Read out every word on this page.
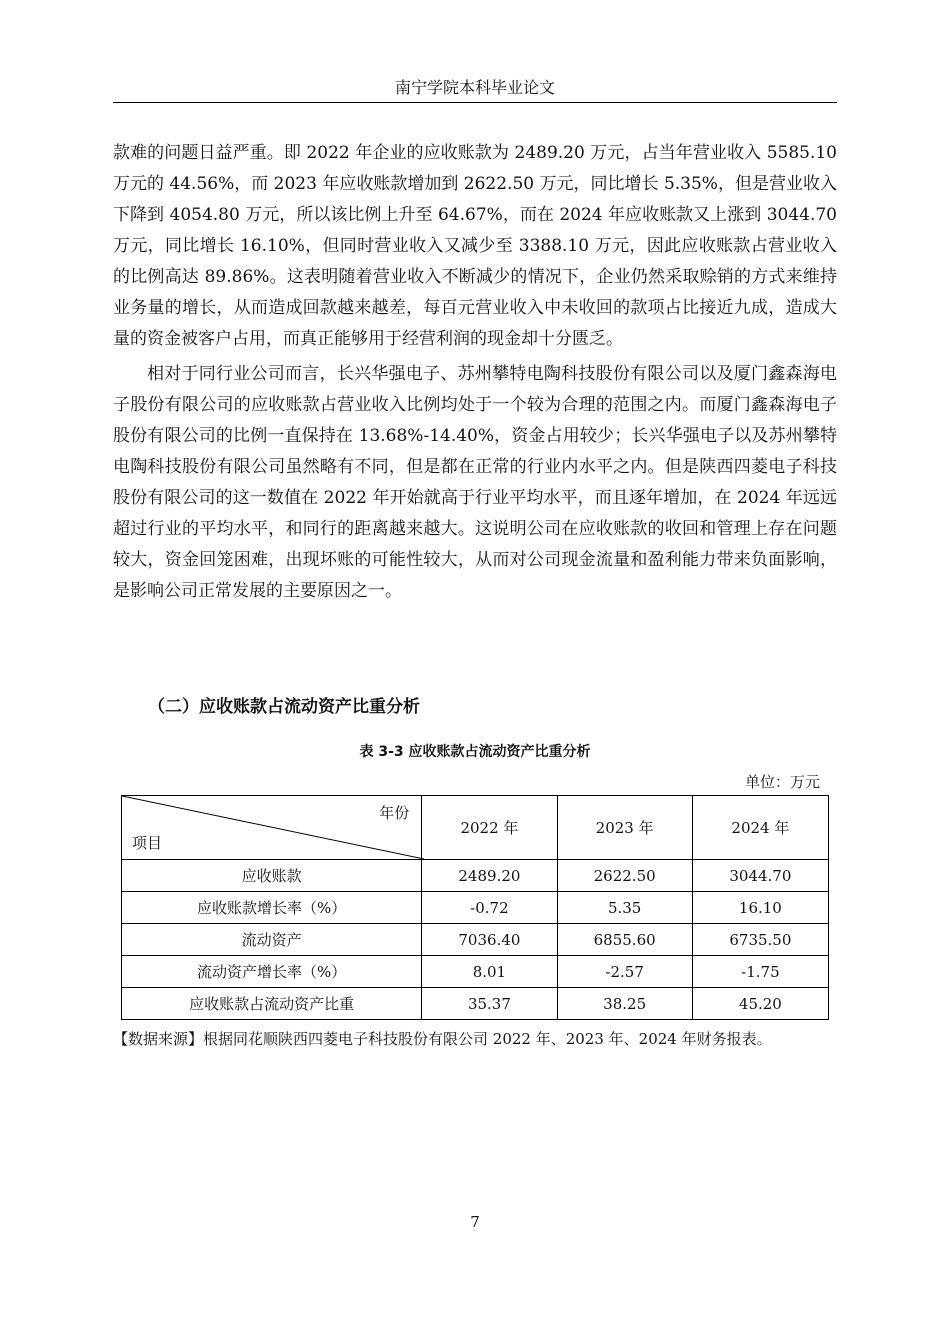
南宁学院本科毕业论文

款难的问题日益严重。即 2022 年企业的应收账款为 2489.20 万元，占当年营业收入 5585.10 万元的 44.56%，而 2023 年应收账款增加到 2622.50 万元，同比增长 5.35%，但是营业收入下降到 4054.80 万元，所以该比例上升至 64.67%，而在 2024 年应收账款又上涨到 3044.70 万元，同比增长 16.10%，但同时营业收入又减少至 3388.10 万元，因此应收账款占营业收入的比例高达 89.86%。这表明随着营业收入不断减少的情况下，企业仍然采取赊销的方式来维持业务量的增长，从而造成回款越来越差，每百元营业收入中未收回的款项占比接近九成，造成大量的资金被客户占用，而真正能够用于经营利润的现金却十分匮乏。

相对于同行业公司而言，长兴华强电子、苏州攀特电陶科技股份有限公司以及厦门鑫森海电子股份有限公司的应收账款占营业收入比例均处于一个较为合理的范围之内。而厦门鑫森海电子股份有限公司的比例一直保持在 13.68%-14.40%，资金占用较少；长兴华强电子以及苏州攀特电陶科技股份有限公司虽然略有不同，但是都在正常的行业内水平之内。但是陕西四菱电子科技股份有限公司的这一数值在 2022 年开始就高于行业平均水平，而且逐年增加，在 2024 年远远超过行业的平均水平，和同行的距离越来越大。这说明公司在应收账款的收回和管理上存在问题较大，资金回笼困难，出现坏账的可能性较大，从而对公司现金流量和盈利能力带来负面影响，是影响公司正常发展的主要原因之一。

（二）应收账款占流动资产比重分析
表 3-3 应收账款占流动资产比重分析
单位：万元
年份
项目	2022 年	2023 年	2024 年
应收账款	2489.20	2622.50	3044.70
应收账款增长率（%）	-0.72	5.35	16.10
流动资产	7036.40	6855.60	6735.50
流动资产增长率（%）	8.01	-2.57	-1.75
应收账款占流动资产比重	35.37	38.25	45.20
【数据来源】根据同花顺陕西四菱电子科技股份有限公司 2022 年、2023 年、2024 年财务报表。
7
